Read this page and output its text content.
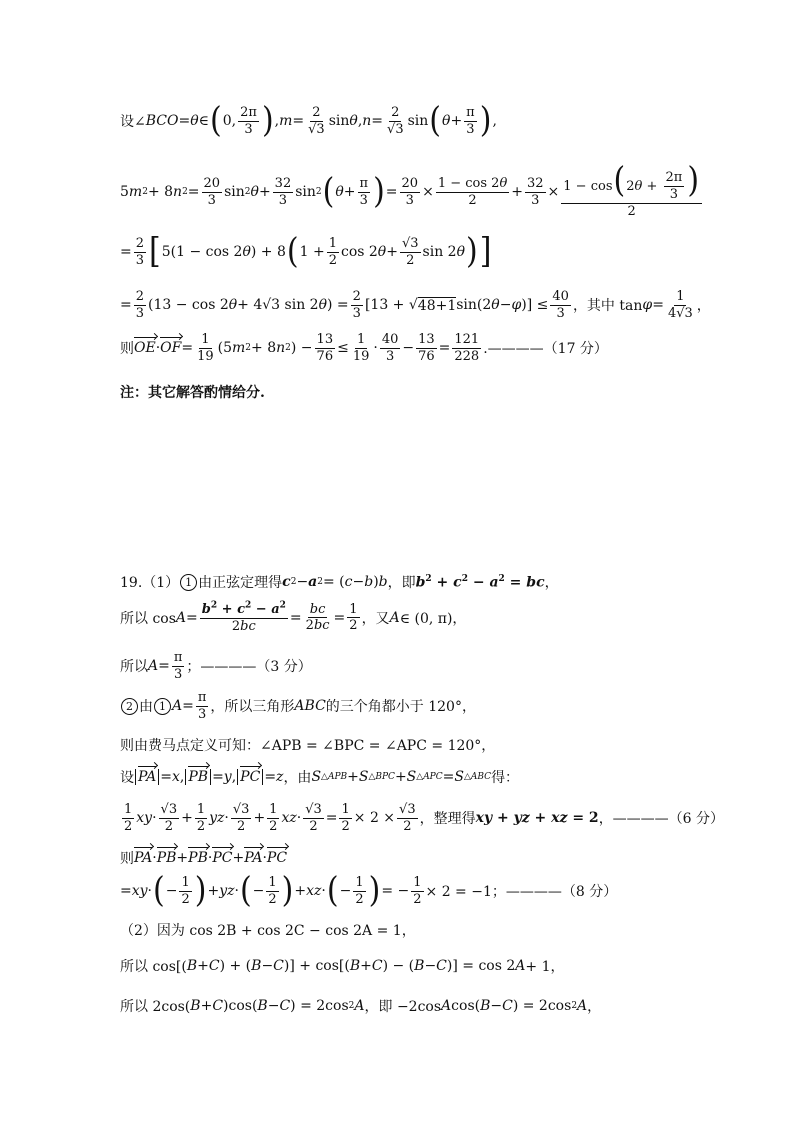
设∠ BCO = θ ∈ ( 0, $\frac{2\pi}{3}$ ) , $m = \frac{2}{√3}$ sin θ , $n = \frac{2}{√3}$ sin ( $\theta + \frac{\pi}{3}$ ) ,
5 m 2 + 8 n $2 = \frac{20}{3}$ sin 2 $\theta + \frac{32}{3}$ sin 2 ( $\theta + \frac{\pi}{3}$ ) = $\frac{20}{3} \times \frac{1 - \cos 2\theta}{2} + \frac{32}{3} \times \frac{1 - \cos(2\theta + \frac{2\pi}{3} )}{2}$
= $\frac{2}{3}$ [ 5(1 − cos 2 θ ) + 8 ( $1 + \frac{1}{2}$ cos 2 $\theta + \frac{√3}{2}$ sin 2 θ ) ]
= $\frac{2}{3} (13 - \cos 2$ θ + 4√3 sin 2 θ ) = $\frac{2}{3} [13$ + √ 48+1 sin(2 θ − φ )] ≤ $\frac{40}{3}$ ，其中 $\tan \varphi = \frac{1}{4√3}$ ，
则 OE · OF = $\frac{1}{19} (5$ m 2 + 8 n 2 ) − $\frac{13}{76} \le \frac{1}{19} \cdot \frac{40}{3} - \frac{13}{76} = \frac{121}{228}$ .————（17 分）
注：其它解答酌情给分.
19.（1） 1 由正弦定理得 c 2 − a 2 = ( c − b ) b ，即 $b^2 + c^2 - a^2$ = bc ，
所以 $\cos A = \frac{b^2 + c^2 - a^2}{2bc} = \frac{bc}{2bc} = \frac{1}{2}$ ，又 A ∈ (0, π)，
所以 $A = \frac{\pi}{3}$ ；————（3 分）
2 由 1 $A = \frac{\pi}{3}$ ，所以三角形 ABC 的三个角都小于 120°，
则由费马点定义可知：∠APB = ∠BPC = ∠APC = 120°，
设 PA = x , PB = y , PC = z ，由 S △APB + S △BPC + S △APC = S △ABC 得：
$\frac{1}{2}$ xy · $\frac{√3}{2} + \frac{1}{2}$ yz · $\frac{√3}{2} + \frac{1}{2}$ xz · $\frac{√3}{2} = \frac{1}{2} \times 2 \times \frac{√3}{2}$ ，整理得 xy + yz + xz = 2 ，————（6 分）
则 PA · PB + PB · PC + PA · PC
= xy · ( − $\frac{1}{2}$ ) + yz · ( − $\frac{1}{2}$ ) + xz · ( − $\frac{1}{2}$ ) = − $\frac{1}{2} \times 2 = -1$；————（8 分）
（2）因为 cos 2B + cos 2C − cos 2A = 1，
所以 cos[( B + C ) + ( B − C )] + cos[( B + C ) − ( B − C )] = cos 2 A + 1，
所以 2cos( B + C )cos( B − C ) = 2cos 2 A ，即 −2cos A cos( B − C ) = 2cos 2 A ，
